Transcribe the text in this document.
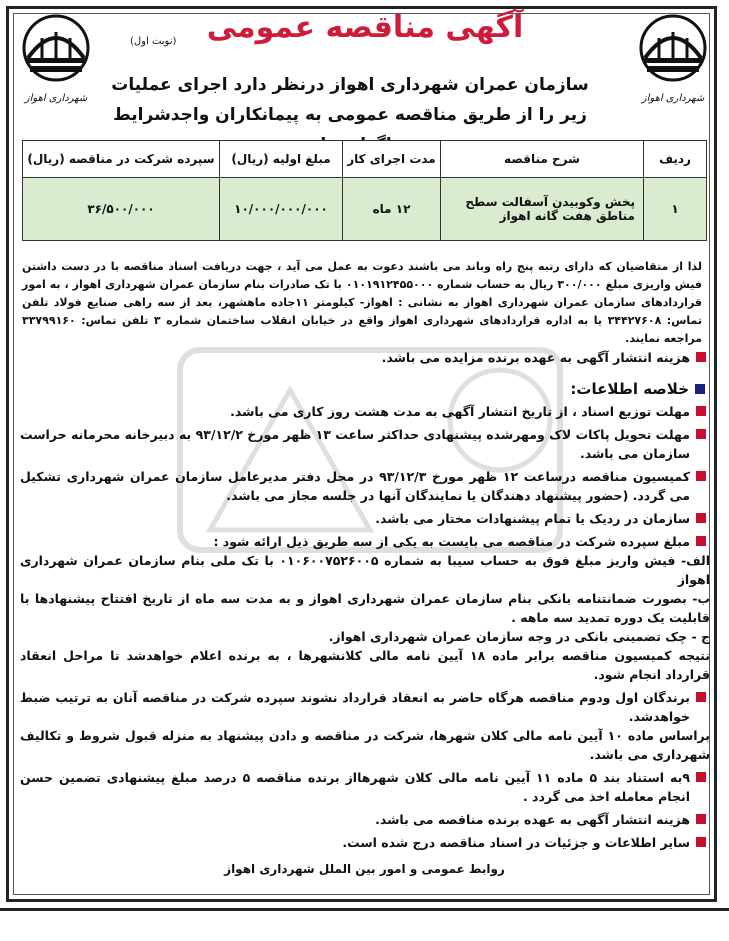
شهرداری اهواز	شهرداری اهواز
آگهی مناقصه عمومی
(نوبت اول)
سازمان عمران شهرداری اهواز درنظر دارد اجرای عملیات زیر را از طریق مناقصه عمومی به پیمانکاران واجدشرایط
ردیف	شرح مناقصه	مدت اجرای کار	مبلغ اولیه (ریال)	سپرده شرکت در مناقصه (ریال)
۱	پخش وکوبیدن آسفالت سطح مناطق هفت گانه اهواز	۱۲ ماه	۱۰/۰۰۰/۰۰۰/۰۰۰	۳۶/۵۰۰/۰۰۰
لذا از متقاضیان که دارای رتبه پنج راه وباند می باشند دعوت به عمل می آید ، جهت دریافت اسناد مناقصه با در دست داشتن فیش واریزی مبلغ ۳۰۰/۰۰۰ ریال به حساب شماره ۰۱۰۱۹۱۲۴۵۵۰۰۰ با تک صادرات بنام سازمان عمران شهرداری اهواز ، به امور قراردادهای سازمان عمران شهرداری اهواز به نشانی : اهواز- کیلومتر ۱۱جاده ماهشهر، بعد از سه راهی صنایع فولاد تلفن تماس: ۳۴۴۲۷۶۰۸ یا به اداره قراردادهای شهرداری اهواز واقع در خیابان انقلاب ساختمان شماره ۳ تلفن تماس: ۳۳۷۹۹۱۶۰ مراجعه نمایند.
هزینه انتشار آگهی به عهده برنده مزایده می باشد.
خلاصه اطلاعات:
مهلت توزیع اسناد ، از تاریخ انتشار آگهی به مدت هشت روز کاری می باشد.
مهلت تحویل پاکات لاک ومهرشده پیشنهادی حداکثر ساعت ۱۳ ظهر مورخ ۹۳/۱۲/۲ به دبیرخانه محرمانه حراست سازمان می باشد.
کمیسیون مناقصه درساعت ۱۲ ظهر مورخ ۹۳/۱۲/۳ در محل دفتر مدیرعامل سازمان عمران شهرداری تشکیل می گردد. (حضور پیشنهاد دهندگان یا نمایندگان آنها در جلسه مجاز می باشد.
سازمان در ردیک یا تمام پیشنهادات مختار می باشد.
مبلغ سپرده شرکت در مناقصه می بایست به یکی از سه طریق ذیل ارائه شود :
الف- فیش واریز مبلغ فوق به حساب سیبا به شماره ۰۱۰۶۰۰۷۵۲۶۰۰۵ با تک ملی بنام سازمان عمران شهرداری اهواز
ب- بصورت ضمانتنامه بانکی بنام سازمان عمران شهرداری اهواز و به مدت سه ماه از تاریخ افتتاح پیشنهادها با قابلیت یک دوره تمدید سه ماهه .
ج - چک تضمینی بانکی در وجه سازمان عمران شهرداری اهواز.
نتیجه کمیسیون مناقصه برابر ماده ۱۸ آیین نامه مالی کلانشهرها ، به برنده اعلام خواهدشد تا مراحل انعقاد قرارداد انجام شود.
برندگان اول ودوم مناقصه هرگاه حاضر به انعقاد قرارداد نشوند سپرده شرکت در مناقصه آنان به ترتیب ضبط خواهدشد.
براساس ماده ۱۰ آیین نامه مالی کلان شهرها، شرکت در مناقصه و دادن پیشنهاد به منزله قبول شروط و تکالیف شهرداری می باشد.
۹به استناد بند ۵ ماده ۱۱ آیین نامه مالی کلان شهرهااز برنده مناقصه ۵ درصد مبلغ پیشنهادی تضمین حسن انجام معامله اخذ می گردد .
هزینه انتشار آگهی به عهده برنده مناقصه می باشد.
سایر اطلاعات و جزئیات در اسناد مناقصه درج شده است.
روابط عمومی و امور بین الملل شهرداری اهواز
